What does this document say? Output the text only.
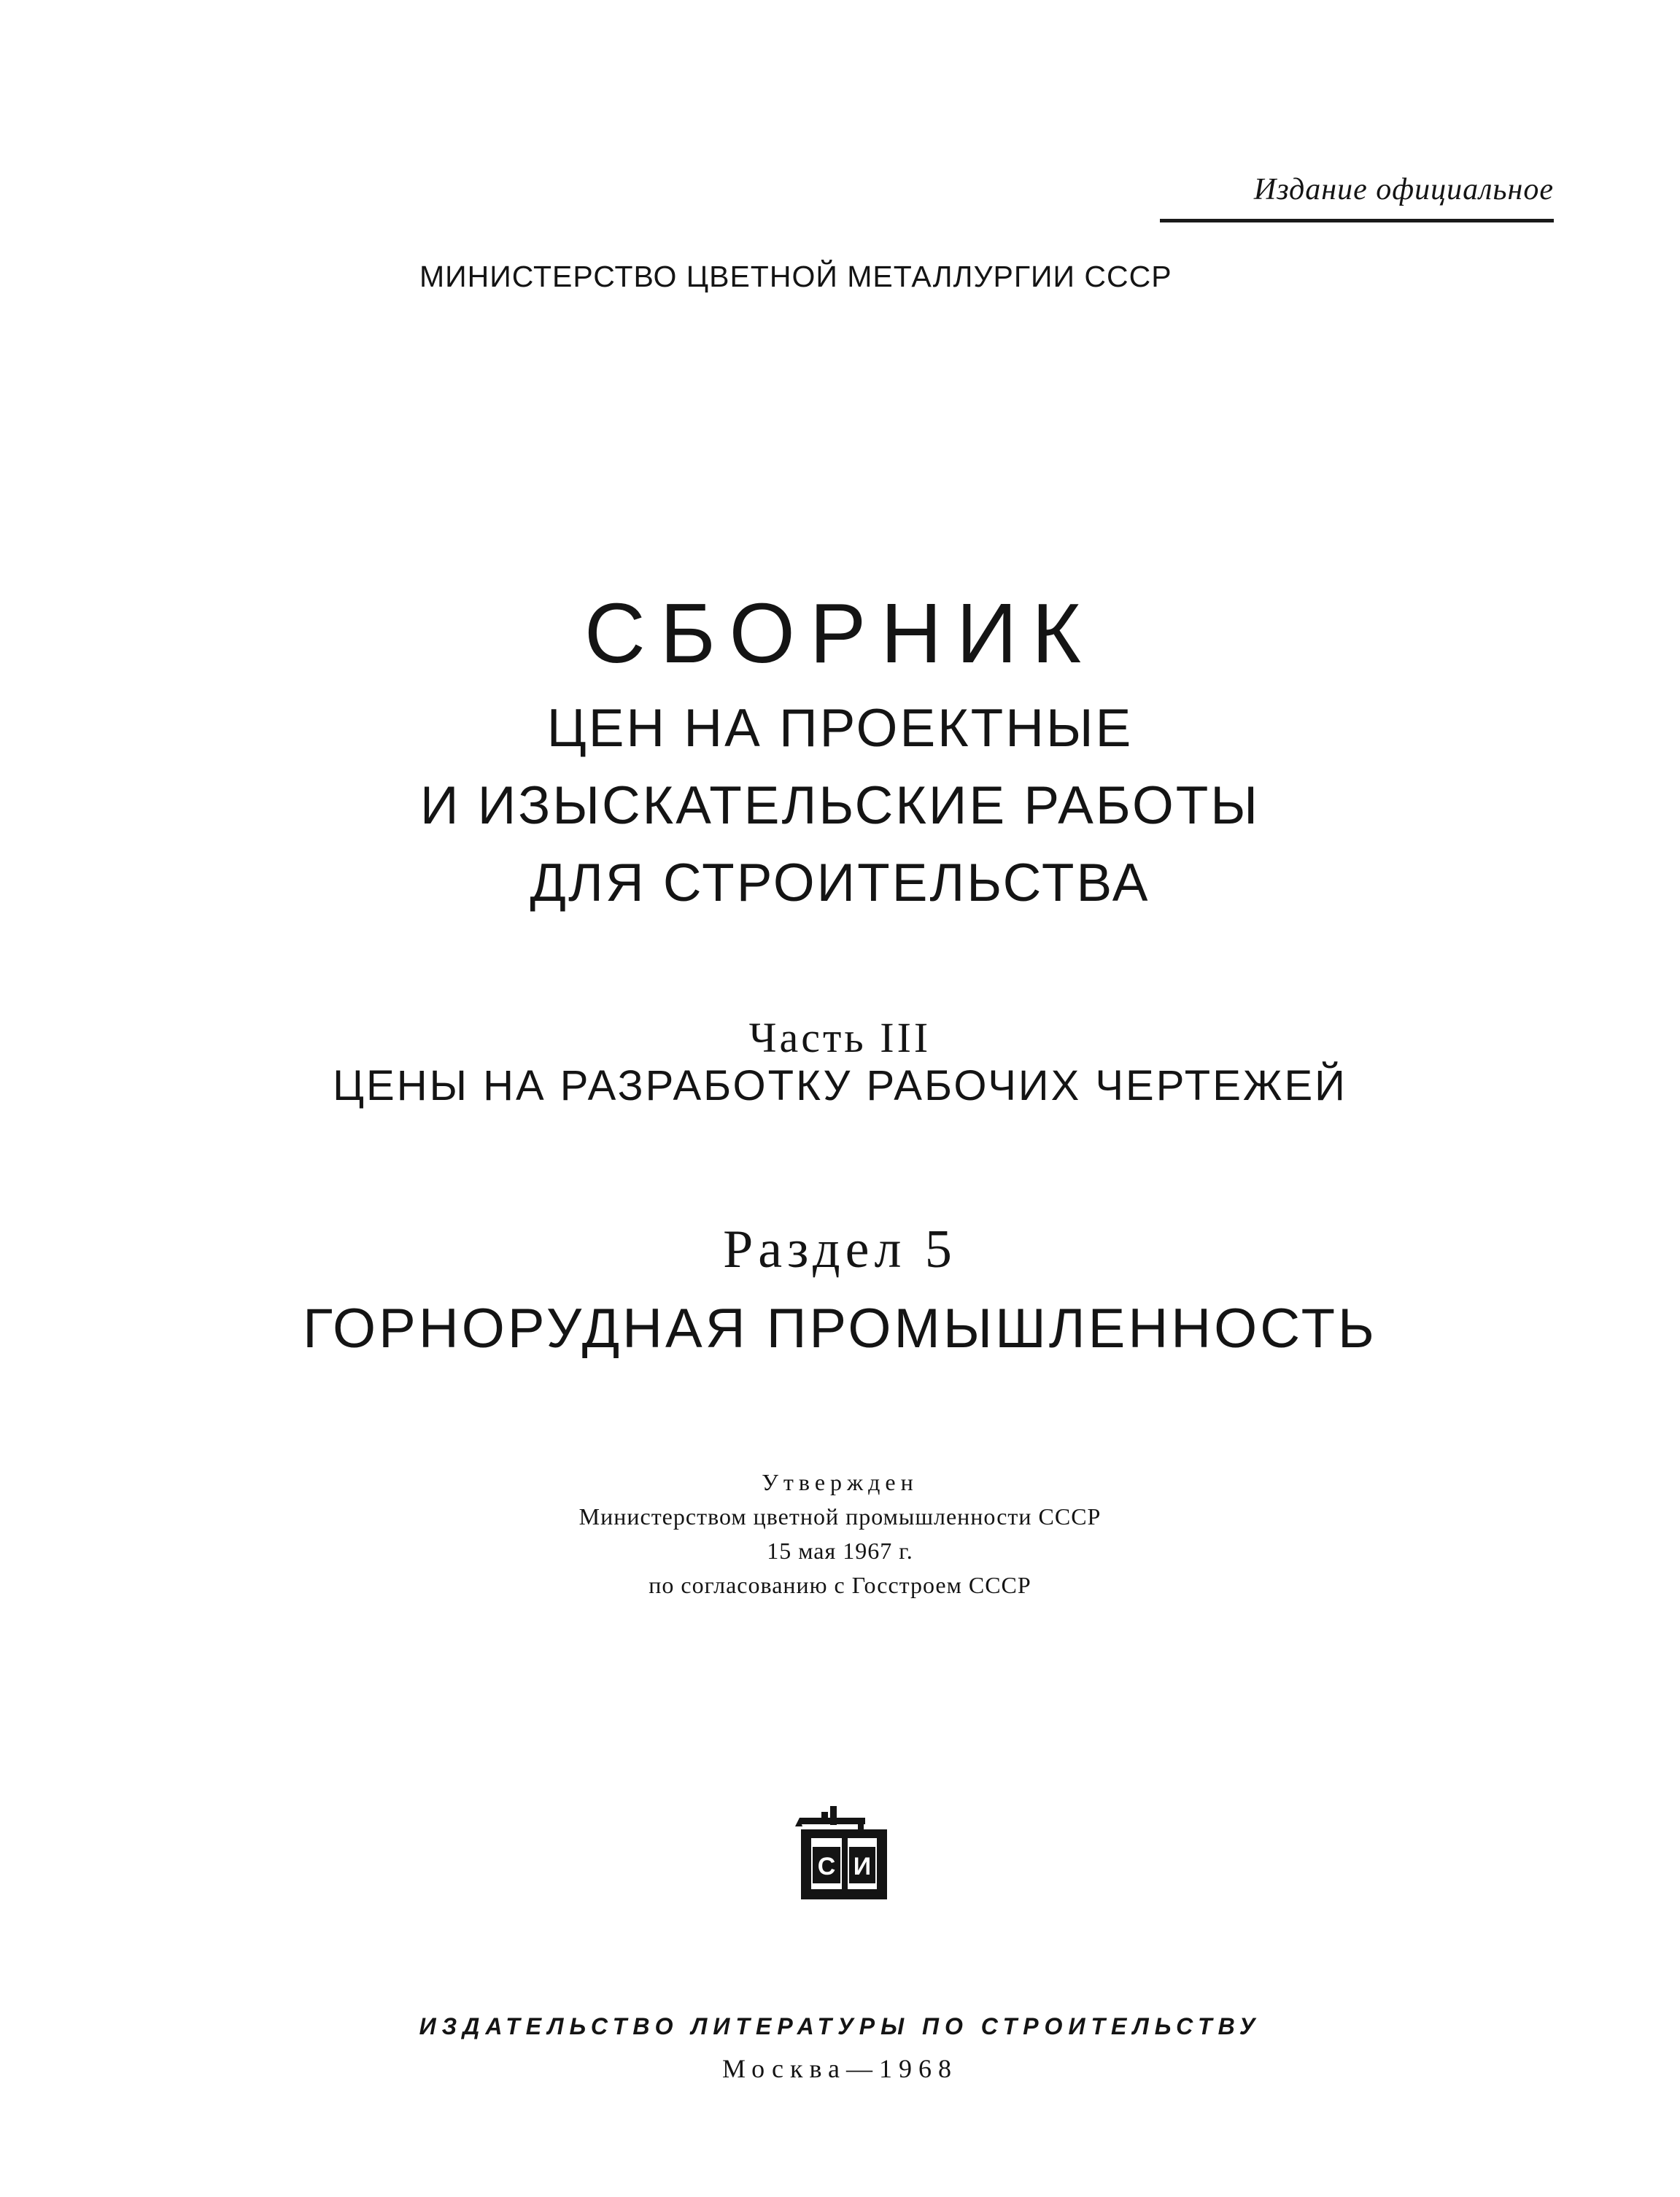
Издание официальное
МИНИСТЕРСТВО ЦВЕТНОЙ МЕТАЛЛУРГИИ СССР
СБОРНИК
ЦЕН НА ПРОЕКТНЫЕ
И ИЗЫСКАТЕЛЬСКИЕ РАБОТЫ
ДЛЯ СТРОИТЕЛЬСТВА
Часть III
ЦЕНЫ НА РАЗРАБОТКУ РАБОЧИХ ЧЕРТЕЖЕЙ
Раздел 5
ГОРНОРУДНАЯ ПРОМЫШЛЕННОСТЬ
Утвержден
Министерством цветной промышленности СССР
15 мая 1967 г.
по согласованию с Госстроем СССР
С И
ИЗДАТЕЛЬСТВО ЛИТЕРАТУРЫ ПО СТРОИТЕЛЬСТВУ
Москва—1968
